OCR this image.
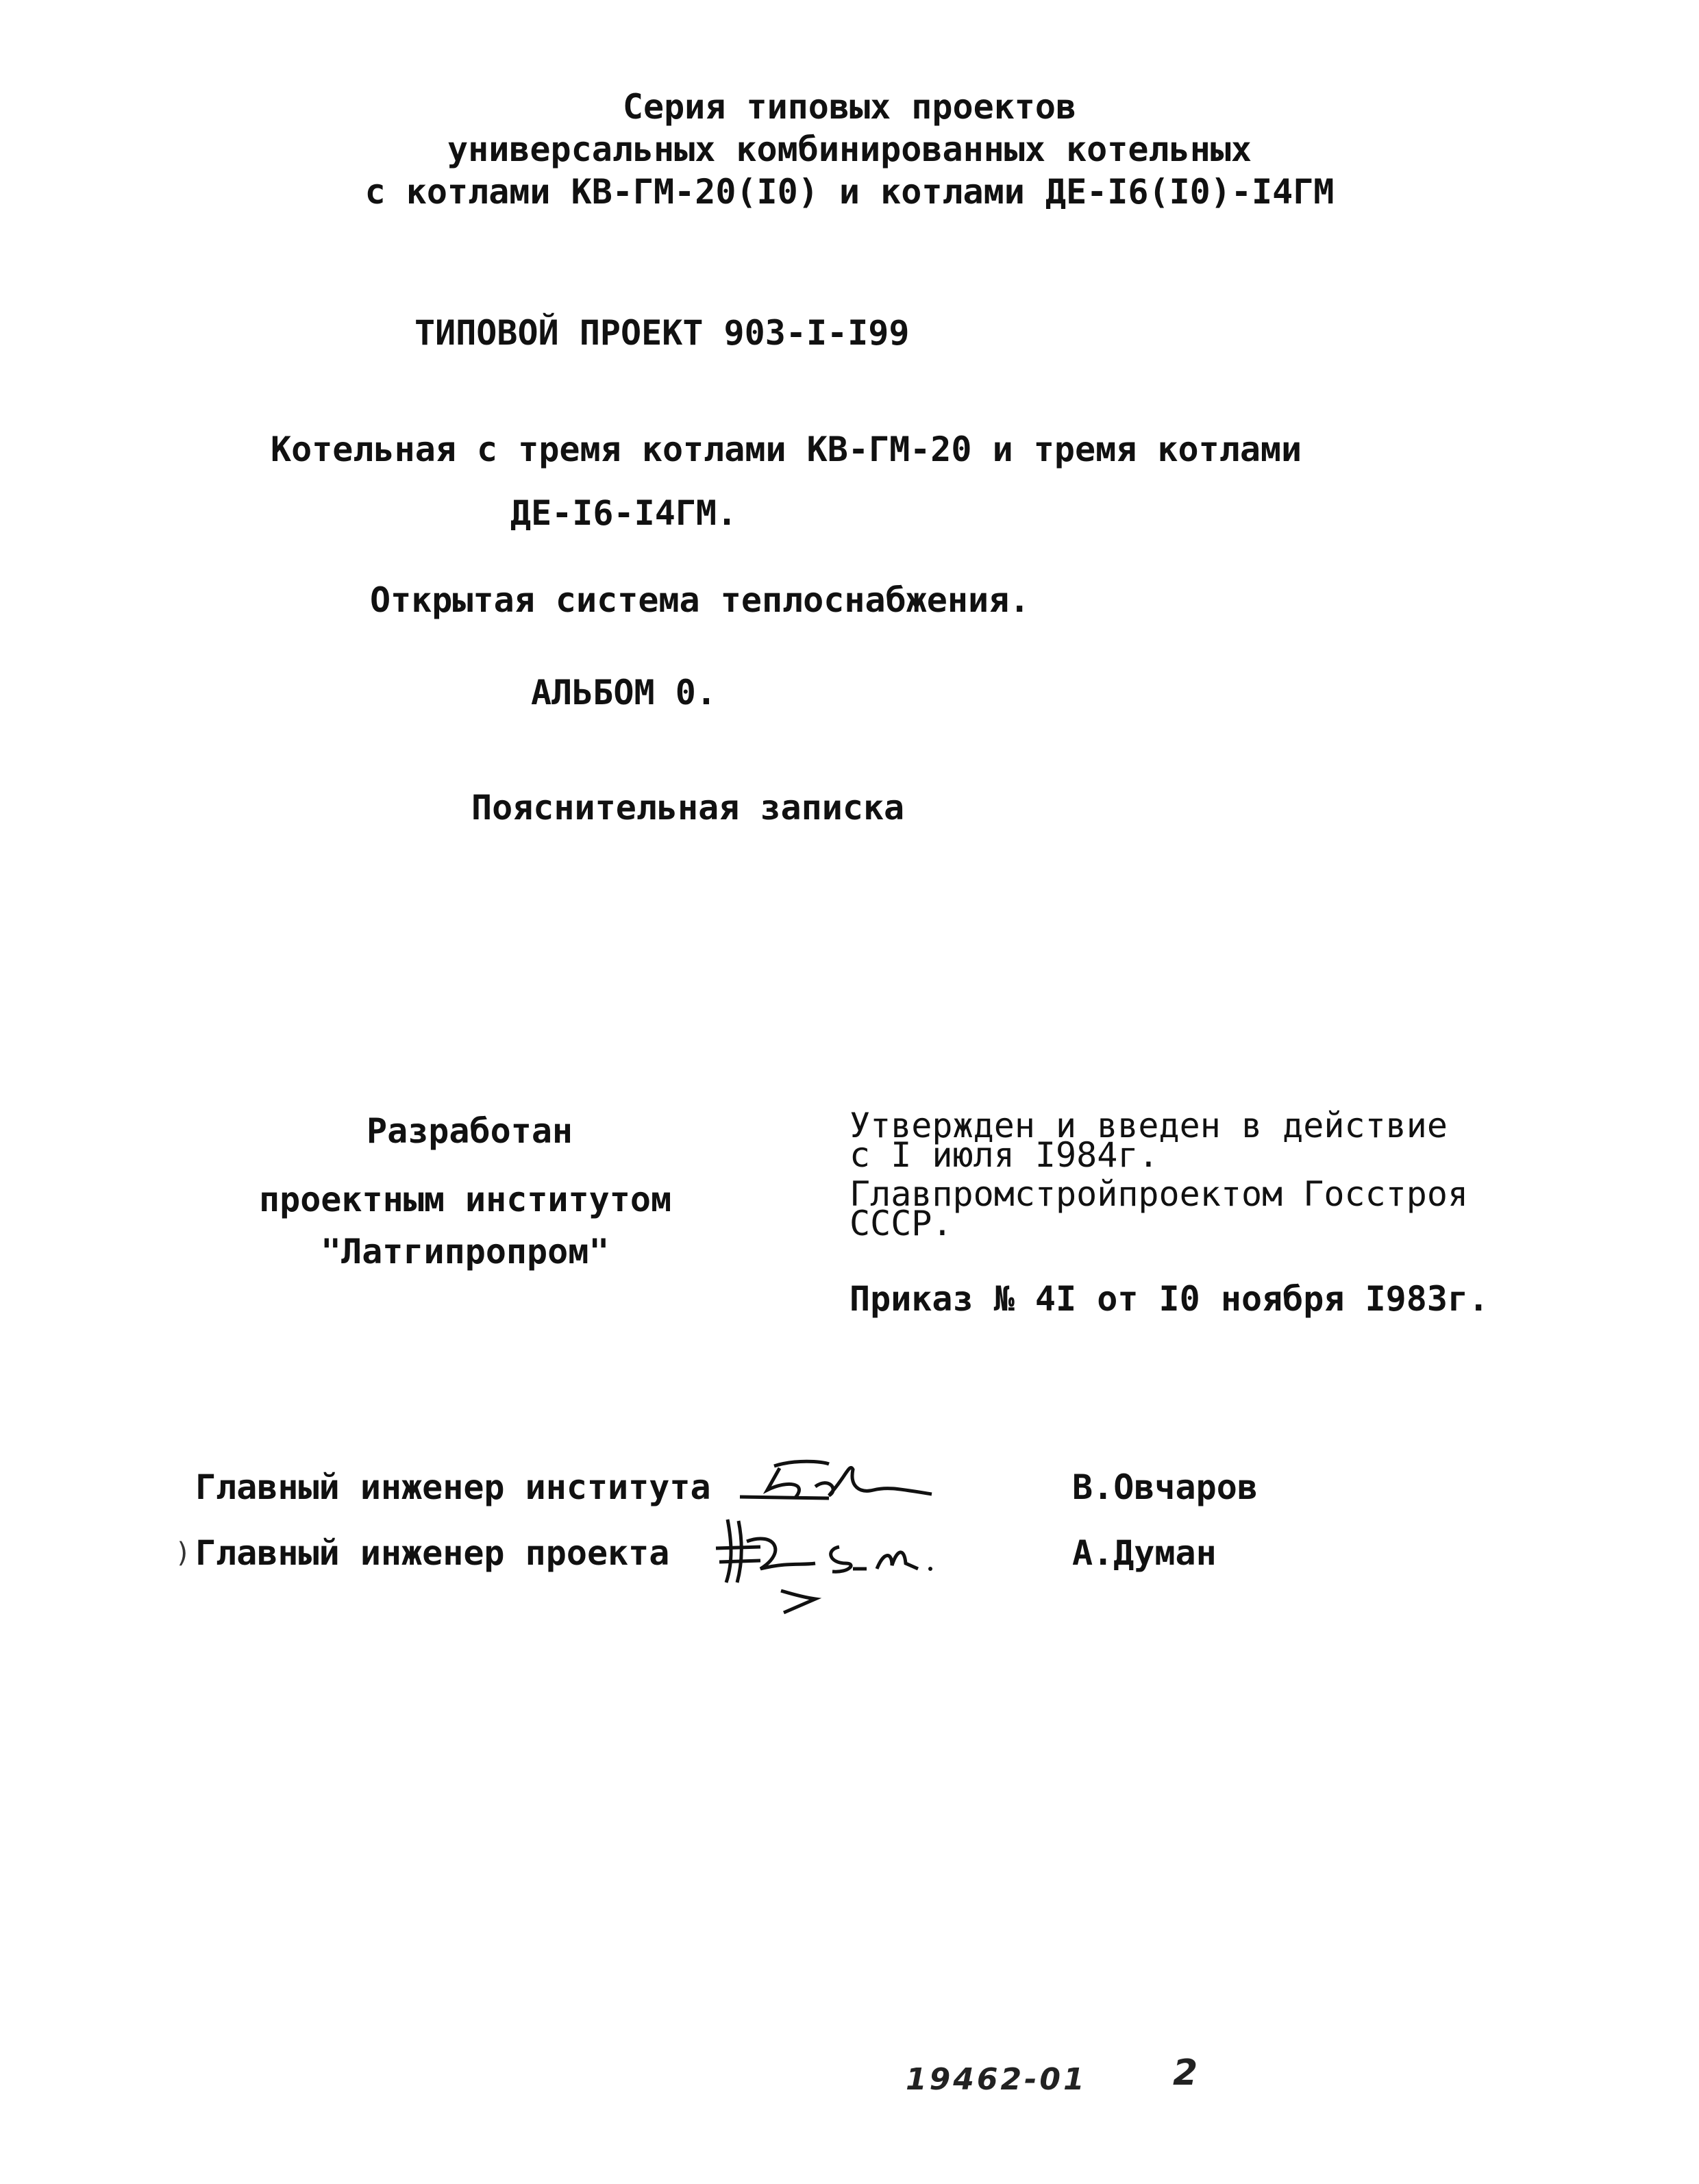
Серия типовых проектов
универсальных комбинированных котельных
с котлами КВ-ГМ-20(I0) и котлами ДЕ-I6(I0)-I4ГМ
ТИПОВОЙ ПРОЕКТ 903-I-I99
Котельная с тремя котлами КВ-ГМ-20 и тремя котлами
ДЕ-I6-I4ГМ.
Открытая система теплоснабжения.
АЛЬБОМ 0.
Пояснительная записка
Разработан
проектным институтом
"Латгипропром"
Утвержден и введен в действие
с I июля I984г.
Главпромстройпроектом Госстроя
СССР.
Приказ № 4I от I0 ноября I983г.
)
Главный инженер института	В.Овчаров
Главный инженер проекта	А.Думан
19462-01 2
